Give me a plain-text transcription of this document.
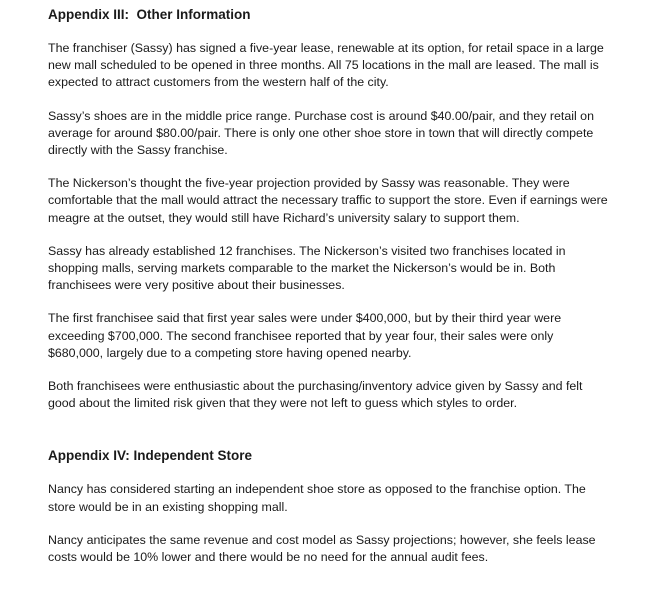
Appendix III:  Other Information

The franchiser (Sassy) has signed a five-year lease, renewable at its option, for retail space in a large new mall scheduled to be opened in three months. All 75 locations in the mall are leased. The mall is expected to attract customers from the western half of the city.

Sassy’s shoes are in the middle price range. Purchase cost is around $40.00/pair, and they retail on average for around $80.00/pair. There is only one other shoe store in town that will directly compete directly with the Sassy franchise.

The Nickerson’s thought the five-year projection provided by Sassy was reasonable. They were comfortable that the mall would attract the necessary traffic to support the store. Even if earnings were meagre at the outset, they would still have Richard’s university salary to support them.

Sassy has already established 12 franchises. The Nickerson’s visited two franchises located in shopping malls, serving markets comparable to the market the Nickerson’s would be in. Both franchisees were very positive about their businesses.

The first franchisee said that first year sales were under $400,000, but by their third year were exceeding $700,000. The second franchisee reported that by year four, their sales were only $680,000, largely due to a competing store having opened nearby.

Both franchisees were enthusiastic about the purchasing/inventory advice given by Sassy and felt good about the limited risk given that they were not left to guess which styles to order.

Appendix IV: Independent Store

Nancy has considered starting an independent shoe store as opposed to the franchise option. The store would be in an existing shopping mall.

Nancy anticipates the same revenue and cost model as Sassy projections; however, she feels lease costs would be 10% lower and there would be no need for the annual audit fees.
